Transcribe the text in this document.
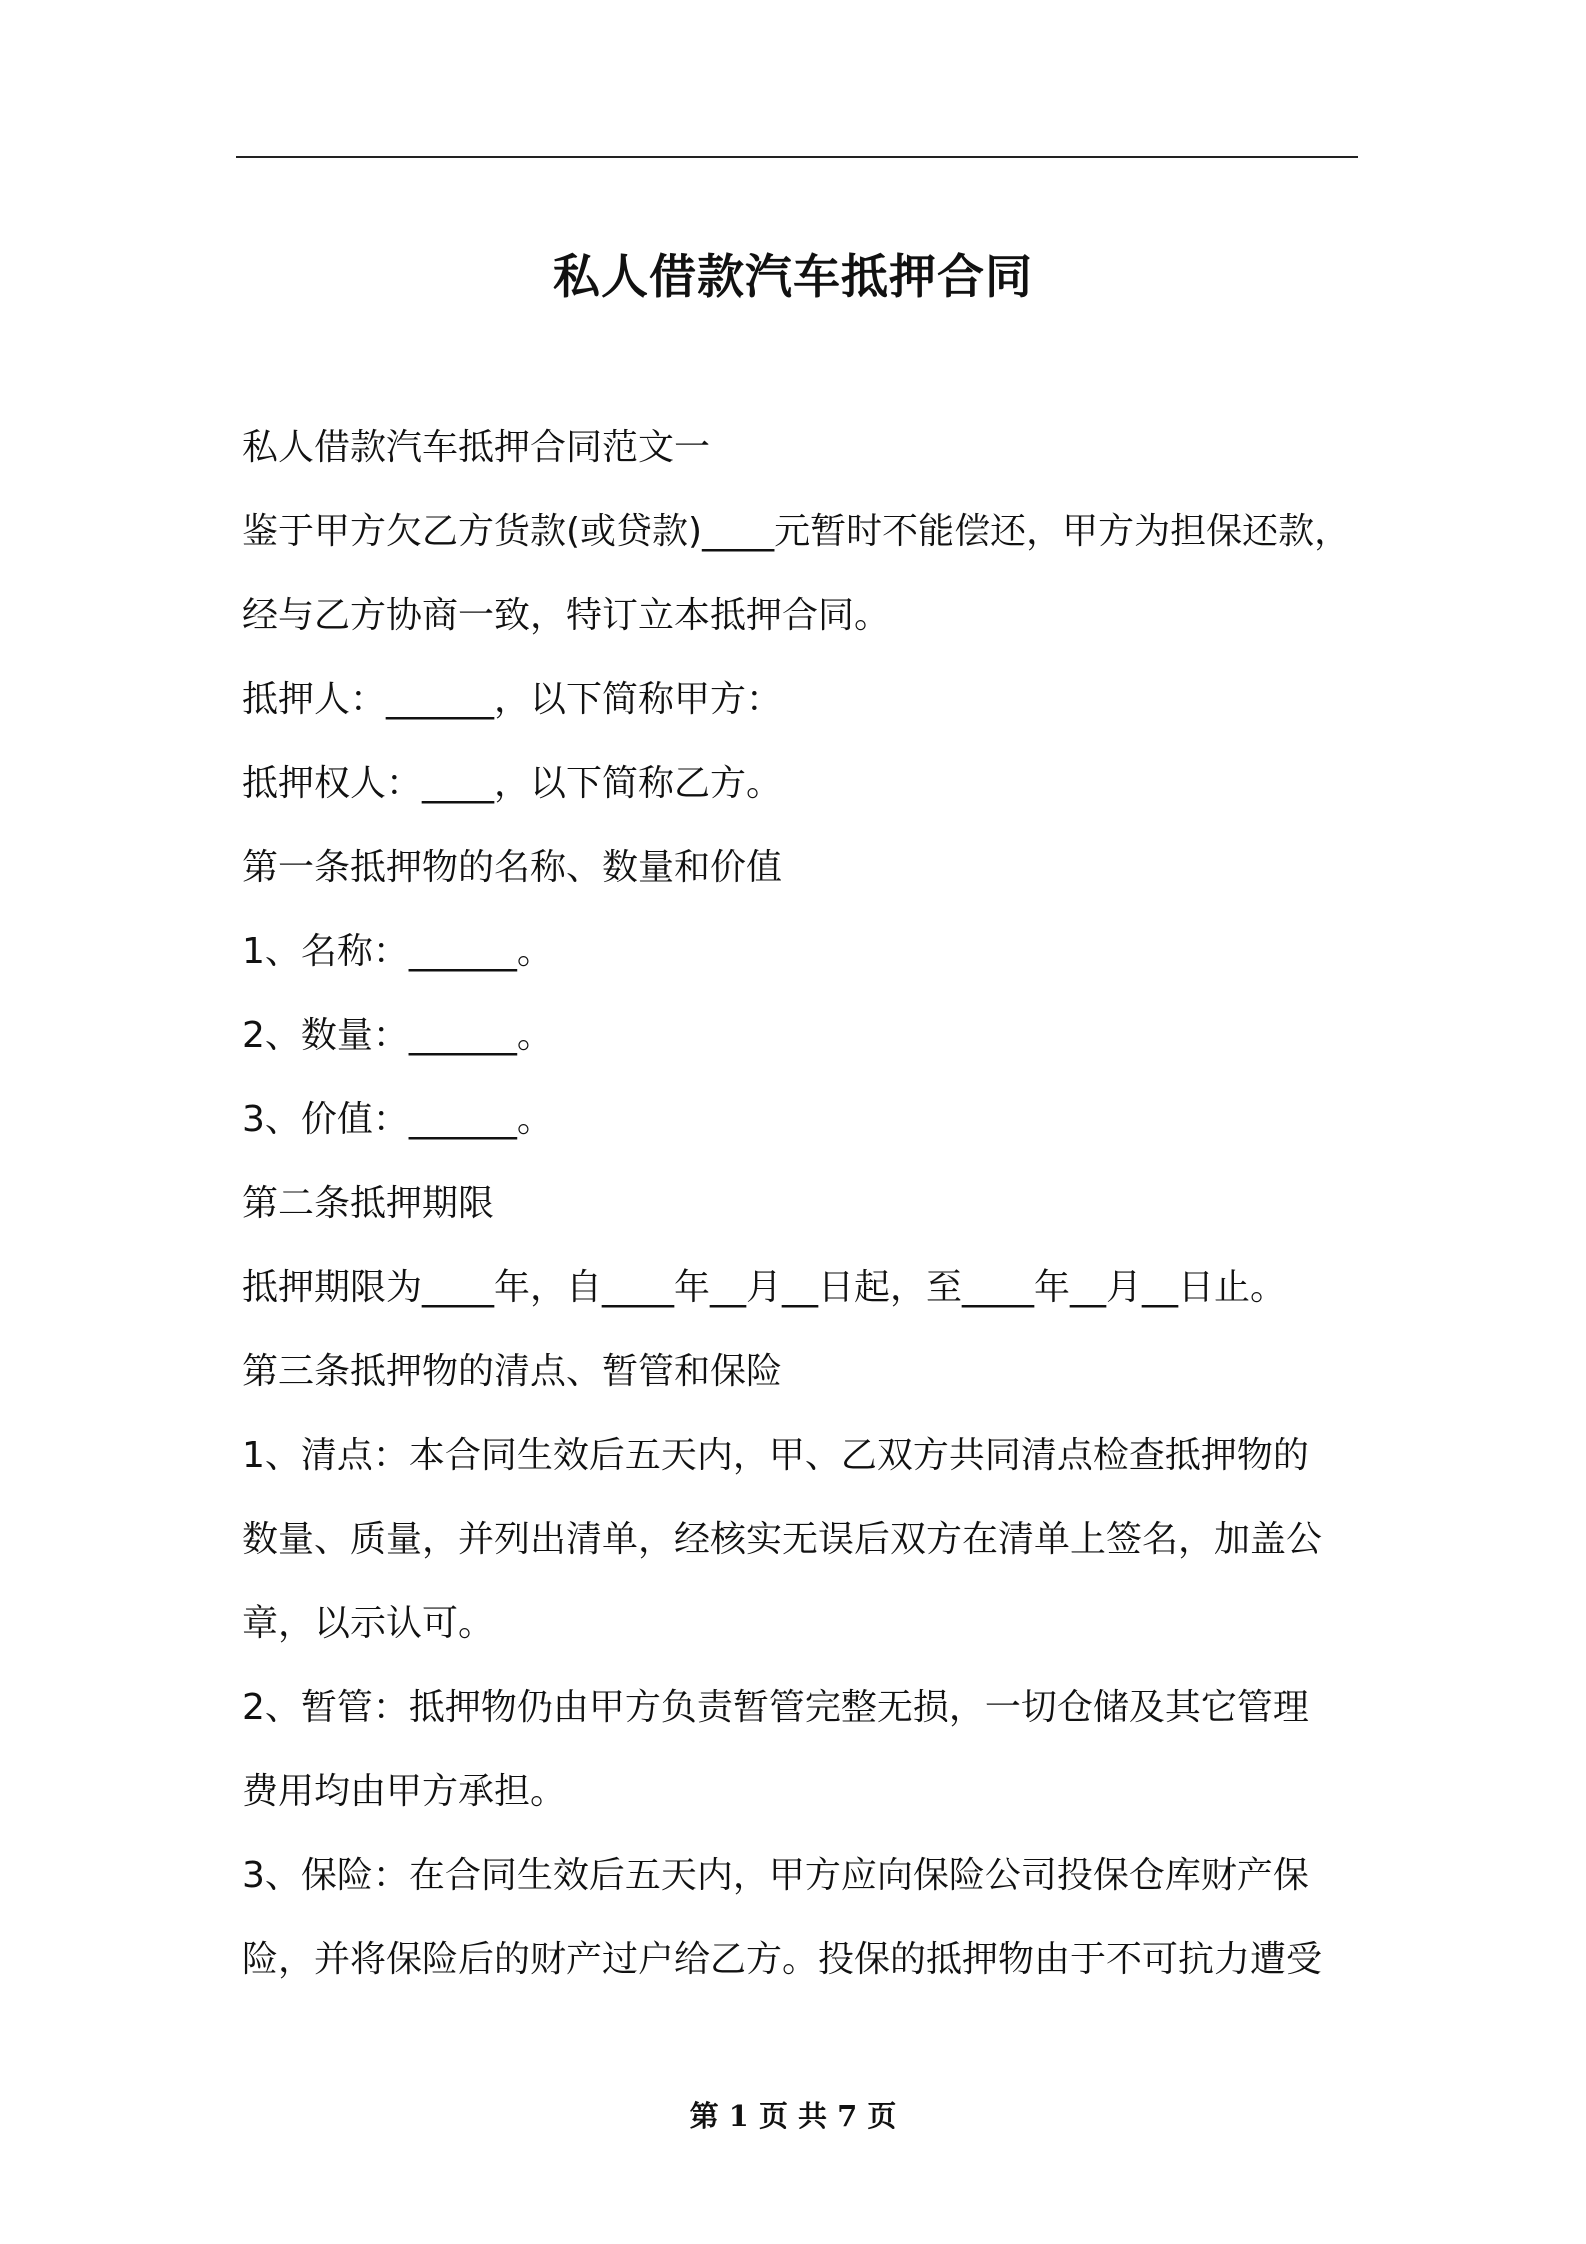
私人借款汽车抵押合同

私人借款汽车抵押合同范文一

鉴于甲方欠乙方货款(或贷款)____元暂时不能偿还，甲方为担保还款，

经与乙方协商一致，特订立本抵押合同。

抵押人：______，以下简称甲方：

抵押权人：____，以下简称乙方。

第一条抵押物的名称、数量和价值

1、名称：______。

2、数量：______。

3、价值：______。

第二条抵押期限

抵押期限为____年，自____年__月__日起，至____年__月__日止。

第三条抵押物的清点、暂管和保险

1、清点：本合同生效后五天内，甲、乙双方共同清点检查抵押物的

数量、质量，并列出清单，经核实无误后双方在清单上签名，加盖公

章，以示认可。

2、暂管：抵押物仍由甲方负责暂管完整无损，一切仓储及其它管理

费用均由甲方承担。

3、保险：在合同生效后五天内，甲方应向保险公司投保仓库财产保

险，并将保险后的财产过户给乙方。投保的抵押物由于不可抗力遭受

第 1 页 共 7 页
